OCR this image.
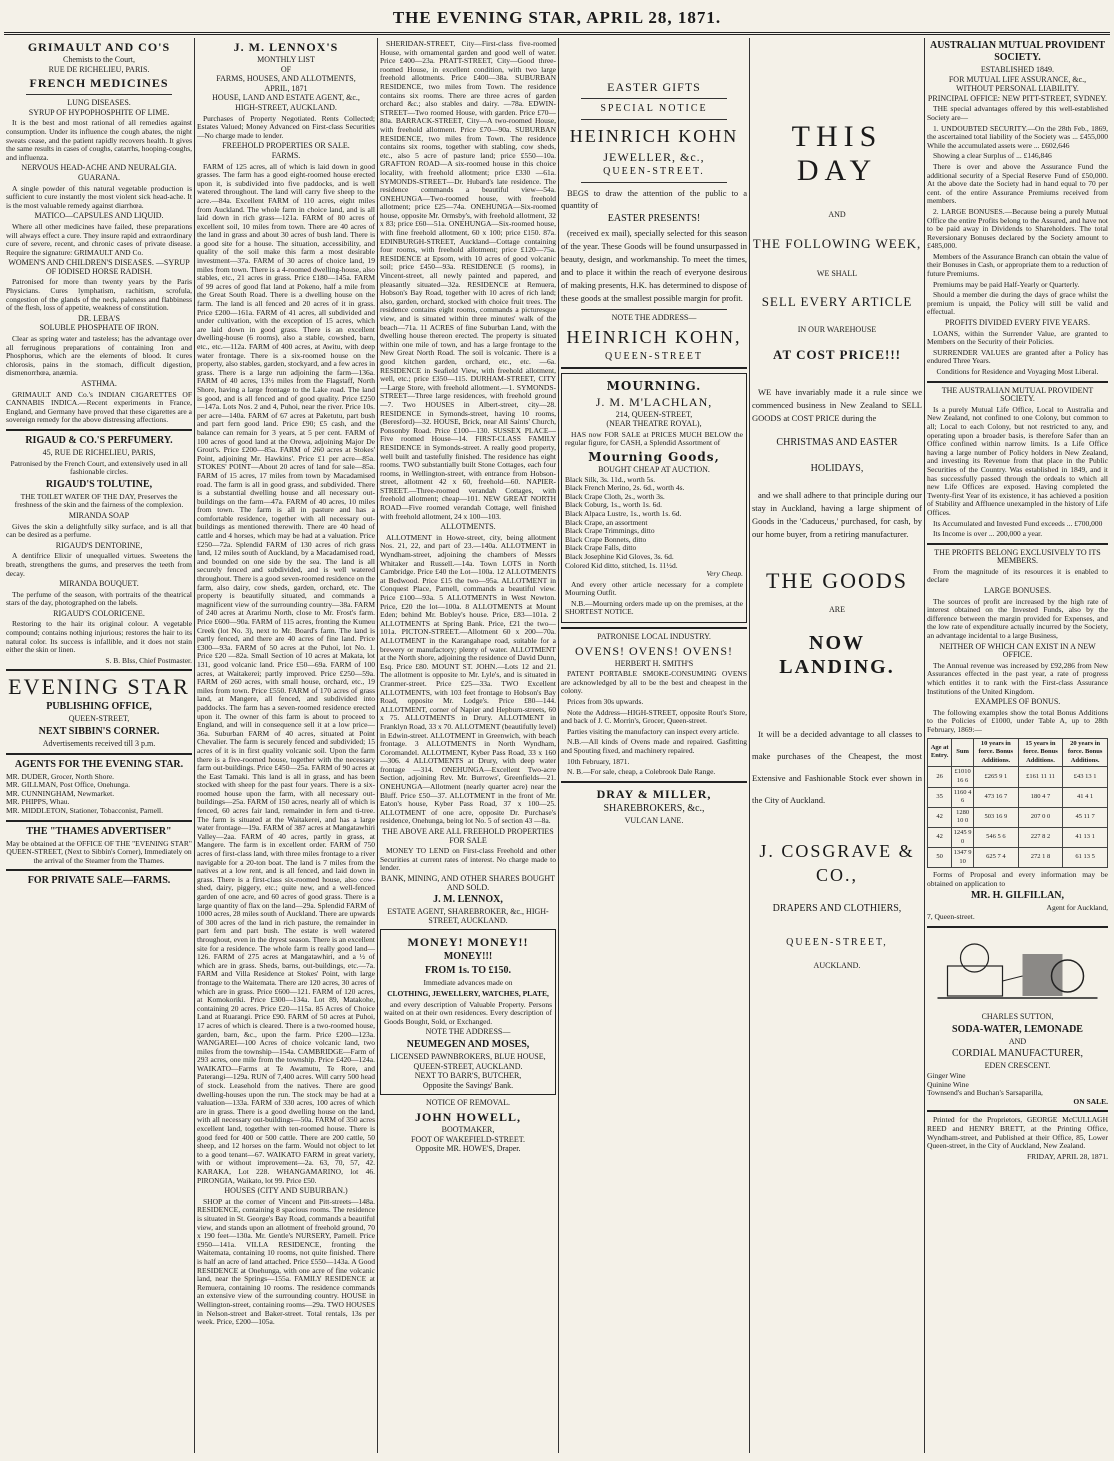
THE EVENING STAR, APRIL 28, 1871.
GRIMAULT AND CO'S
Chemists to the Court,
RUE DE RICHELIEU, PARIS.
FRENCH MEDICINES
LUNG DISEASES.
SYRUP OF HYPOPHOSPHITE OF LIME.

It is the best and most rational of all remedies against consumption. Under its influence the cough abates, the night sweats cease, and the patient rapidly recovers health. It gives the same results in cases of coughs, catarrhs, hooping-coughs, and influenza.

NERVOUS HEAD-ACHE AND NEURALGIA.
GUARANA.

A single powder of this natural vegetable production is sufficient to cure instantly the most violent sick head-ache. It is the most valuable remedy against diarrhœa.

MATICO—CAPSULES AND LIQUID.

Where all other medicines have failed, these preparations will always effect a cure. They insure rapid and extraordinary cure of severe, recent, and chronic cases of private disease. Require the signature: GRIMAULT AND Co.

WOMEN'S AND CHILDREN'S DISEASES. —SYRUP OF IODISED HORSE RADISH.

Patronised for more than twenty years by the Paris Physicians. Cures lymphatism, rachitism, scrofula, congestion of the glands of the neck, paleness and flabbiness of the flesh, loss of appetite, weakness of constitution.

DR. LEBA'S
SOLUBLE PHOSPHATE OF IRON.

Clear as spring water and tasteless; has the advantage over all ferruginous preparations of containing Iron and Phosphorus, which are the elements of blood. It cures chlorosis, pains in the stomach, difficult digestion, dismenorrhœa, anæmia.

ASTHMA.

GRIMAULT AND Co.'s INDIAN CIGARETTES OF CANNABIS INDICA.—Recent experiments in France, England, and Germany have proved that these cigarettes are a sovereign remedy for the above distressing affections.

RIGAUD & CO.'S PERFUMERY.
45, RUE DE RICHELIEU, PARIS,

Patronised by the French Court, and extensively used in all fashionable circles.

RIGAUD'S TOLUTINE,

THE TOILET WATER OF THE DAY, Preserves the freshness of the skin and the fairness of the complexion.

MIRANDA SOAP

Gives the skin a delightfully silky surface, and is all that can be desired as a perfume.

RIGAUD'S DENTORINE,

A dentifrice Elixir of unequalled virtues. Sweetens the breath, strengthens the gums, and preserves the teeth from decay.

MIRANDA BOUQUET.

The perfume of the season, with portraits of the theatrical stars of the day, photographed on the labels.

RIGAUD'S COLORICENE.

Restoring to the hair its original colour. A vegetable compound; contains nothing injurious; restores the hair to its natural color. Its success is infallible, and it does not stain either the skin or linen.

S. B. BIss, Chief Postmaster.
EVENING STAR
PUBLISHING OFFICE,
QUEEN-STREET,
NEXT SIBBIN'S CORNER.
Advertisements received till 3 p.m.
AGENTS FOR THE EVENING STAR.
MR. DUDER, Grocer, North Shore.
MR. GILLMAN, Post Office, Onehunga.
MR. CUNNINGHAM, Newmarket.
MR. PHIPPS, Whau.
MR. MIDDLETON, Stationer, Tobacconist, Parnell.
THE "THAMES ADVERTISER"

May be obtained at the OFFICE OF THE "EVENING STAR" QUEEN-STREET, (Next to Sibbin's Corner), Immediately on the arrival of the Steamer from the Thames.

FOR PRIVATE SALE—FARMS.
J. M. LENNOX'S
MONTHLY LIST
OF
FARMS, HOUSES, AND ALLOTMENTS,
APRIL, 1871
HOUSE, LAND AND ESTATE AGENT, &c.,
HIGH-STREET, AUCKLAND.

Purchases of Property Negotiated. Rents Collected; Estates Valued; Money Advanced on First-class Securities—No charge made to lender.

FREEHOLD PROPERTIES OR SALE.
FARMS.

FARM of 125 acres, all of which is laid down in good grasses. The farm has a good eight-roomed house erected upon it, is subdivided into five paddocks, and is well watered throughout. The land will carry five sheep to the acre.—84a. Excellent FARM of 110 acres, eight miles from Auckland. The whole farm in choice land, and is all laid down in rich grass—121a. FARM of 80 acres of excellent soil, 10 miles from town. There are 40 acres of the land in grass and about 30 acres of bush land. There is a good site for a house. The situation, accessibility, and quality of the soil make this farm a most desirable investment—37a. FARM of 30 acres of choice land, 19 miles from town. There is a 4-roomed dwelling-house, also stables, etc., 21 acres in grass. Price £180—145a. FARM of 99 acres of good flat land at Pokeno, half a mile from the Great South Road. There is a dwelling house on the farm. The land is all fenced and 20 acres of it in grass. Price £200—161a. FARM of 41 acres, all subdivided and under cultivation, with the exception of 15 acres, which are laid down in good grass. There is an excellent dwelling-house (6 rooms), also a stable, cowshed, barn, etc., etc.—112a. FARM of 400 acres, at Awitu, with deep water frontage. There is a six-roomed house on the property, also stables, garden, stockyard, and a few acres in grass. There is a large run adjoining the farm—136a. FARM of 40 acres, 13½ miles from the Flagstaff, North Shore, having a large frontage to the Lake road. The land is good, and is all fenced and of good quality. Price £250—147a. Lots Nos. 2 and 4, Puhoi, near the river. Price 10s. per acre—140a. FARM of 67 acres at Paketutu, part bush and part fern good land. Price £90; £5 cash, and the balance can remain for 3 years, at 5 per cent. FARM of 100 acres of good land at the Orewa, adjoining Major De Grout's. Price £200—85a. FARM of 260 acres at Stokes' Point, adjoining Mr. Hawkins'. Price £1 per acre—85a. STOKES' POINT—About 20 acres of land for sale—85a. FARM of 15 acres, 17 miles from town by Macadamised road. The farm is all in good grass, and subdivided. There is a substantial dwelling house and all necessary out-buildings on the farm—47a. FARM of 40 acres, 10 miles from town. The farm is all in pasture and has a comfortable residence, together with all necessary out-buildings as mentioned therewith. There are 40 head of cattle and 4 horses, which may be had at a valuation. Price £250—72a. Splendid FARM of 130 acres of rich grass land, 12 miles south of Auckland, by a Macadamised road, and bounded on one side by the sea. The land is all securely fenced and subdivided, and is well watered throughout. There is a good seven-roomed residence on the farm, also dairy, cow sheds, garden, orchard, etc. The property is beautifully situated, and commands a magnificent view of the surrounding country—38a. FARM of 240 acres at Ararimu North, close to Mr. Frost's farm. Price £600—90a. FARM of 115 acres, fronting the Kumeu Creek (lot No. 3), next to Mr. Board's farm. The land is partly fenced, and there are 40 acres of fine land. Price £300—93a. FARM of 50 acres at the Puhoi, lot No. 1. Price £20 —82a. Small Section of 10 acres at Makata, lot 131, good volcanic land. Price £50—69a. FARM of 100 acres, at Waitakerei; partly improved. Price £250—59a. FARM of 260 acres, with small house, orchard, etc., 19 miles from town. Price £550. FARM of 170 acres of grass land, at Mangere, all fenced, and subdivided into paddocks. The farm has a seven-roomed residence erected upon it. The owner of this farm is about to proceed to England, and will in consequence sell it at a low price—36a. Suburban FARM of 40 acres, situated at Point Chevalier. The farm is securely fenced and subdivided; 15 acres of it is in first quality volcanic soil. Upon the farm there is a five-roomed house, together with the necessary farm out-buildings. Price £450—25a. FARM of 90 acres at the East Tamaki. This land is all in grass, and has been stocked with sheep for the past four years. There is a six-roomed house upon the farm, with all necessary out-buildings—25a. FARM of 150 acres, nearly all of which is fenced, 60 acres fair land, remainder in fern and ti-tree. The farm is situated at the Waitakerei, and has a large water frontage—19a. FARM of 387 acres at Mangatawhiri Valley—2aa. FARM of 40 acres, partly in grass, at Mangere. The farm is in excellent order. FARM of 750 acres of first-class land, with three miles frontage to a river navigable for a 20-ton boat. The land is 7 miles from the natives at a low rent, and is all fenced, and laid down in grass. There is a first-class six-roomed house, also cow-shed, dairy, piggery, etc.; quite new, and a well-fenced garden of one acre, and 60 acres of good grass. There is a large quantity of flax on the land—29a. Splendid FARM of 1000 acres, 28 miles south of Auckland. There are upwards of 300 acres of the land in rich pasture, the remainder in part fern and part bush. The estate is well watered throughout, even in the dryest season. There is an excellent site for a residence. The whole farm is really good land—126. FARM of 275 acres at Mangatawhiri, and a ½ of which are in grass. Sheds, barns, out-buildings, etc.—7a. FARM and Villa Residence at Stokes' Point, with large frontage to the Waitemata. There are 120 acres, 30 acres of which are in grass. Price £600—121. FARM of 120 acres, at Komokoriki. Price £300—134a. Lot 89, Matakohe, containing 20 acres. Price £20—115a. 85 Acres of Choice Land at Ruarangi. Price £90. FARM of 50 acres at Puhoi, 17 acres of which is cleared. There is a two-roomed house, garden, barn, &c., upon the farm. Price £200—123a. WANGAREI—100 Acres of choice volcanic land, two miles from the township—154a. CAMBRIDGE—Farm of 293 acres, one mile from the township. Price £420—124a. WAIKATO—Farms at Te Awamutu, Te Rore, and Paterangi—129a. RUN of 7,400 acres. Will carry 500 head of stock. Leasehold from the natives. There are good dwelling-houses upon the run. The stock may be had at a valuation—133a. FARM of 330 acres, 100 acres of which are in grass. There is a good dwelling house on the land, with all necessary out-buildings—50a. FARM of 350 acres excellent land, together with ten-roomed house. There is good feed for 400 or 500 cattle. There are 200 cattle, 50 sheep, and 12 horses on the farm. Would not object to let to a good tenant—67. WAIKATO FARM in great variety, with or without improvement—2a. 63, 70, 57, 42. KARAKA, Lot 228. WHANGAMARINO, lot 46. PIRONGIA, Waikato, lot 99. Price £50.

HOUSES (CITY AND SUBURBAN.)

SHOP at the corner of Vincent and Pitt-streets—148a. RESIDENCE, containing 8 spacious rooms. The residence is situated in St. George's Bay Road, commands a beautiful view, and stands upon an allotment of freehold ground, 70 x 190 feet—130a. Mr. Gentle's NURSERY, Parnell. Price £950—141a. VILLA RESIDENCE, fronting the Waitemata, containing 10 rooms, not quite finished. There is half an acre of land attached. Price £550—143a. A Good RESIDENCE at Onehunga, with one acre of fine volcanic land, near the Springs—155a. FAMILY RESIDENCE at Remuera, containing 10 rooms. The residence commands an extensive view of the surrounding country. HOUSE in Wellington-street, containing rooms—29a. TWO HOUSES in Nelson-street and Baker-street. Total rentals, 13s per week. Price, £200—105a.

SHERIDAN-STREET, City—First-class five-roomed House, with ornamental garden and good well of water. Price £400—23a. PRATT-STREET, City—Good three-roomed House, in excellent condition, with two large freehold allotments. Price £400—38a. SUBURBAN RESIDENCE, two miles from Town. The residence contains six rooms. There are three acres of garden orchard &c.; also stables and dairy. —78a. EDWIN-STREET—Two roomed House, with garden. Price £70—80a. BARRACK-STREET, City—A two-roomed House, with freehold allotment. Price £70—90a. SUBURBAN RESIDENCE, two miles from Town. The residence contains six rooms, together with stabling, cow sheds, etc., also 5 acre of pasture land; price £550—10a. GRAFTON ROAD—A six-roomed house in this choice locality, with freehold allotment; price £330 —61a. SYMONDS-STREET—Dr. Hubard's late residence. The residence commands a beautiful view—54a. ONEHUNGA—Two-roomed house, with freehold allotment; price £25—74a. ONEHUNGA—Six-roomed house, opposite Mr. Ormsby's, with freehold allotment, 32 x 83; price £60—51a. ONEHUNGA—Six-roomed house, with fine freehold allotment, 60 x 100; price £150. 87a. EDINBURGH-STREET, Auckland—Cottage containing four rooms, with freehold allotment; price £120—75a. RESIDENCE at Epsom, with 10 acres of good volcanic soil; price £450—93a. RESIDENCE (5 rooms), in Vincent-street, all newly painted and papered, and pleasantly situated—32a. RESIDENCE at Remuera, Hobson's Bay Road, together with 10 acres of rich land; also, garden, orchard, stocked with choice fruit trees. The residence contains eight rooms, commands a picturesque view, and is situated within three minutes' walk of the beach—71a. 11 ACRES of fine Suburban Land, with the dwelling house thereon erected. The property is situated within one mile of town, and has a large frontage to the New Great North Road. The soil is volcanic. There is a good kitchen garden, orchard, etc., etc. —6a. RESIDENCE in Seafield View, with freehold allotment, well, etc.; price £350—115. DURHAM-STREET, CITY—Large Store, with freehold allotment.—1. SYMONDS-STREET—Three large residences, with freehold ground—7. Two HOUSES in Albert-street, city—28. RESIDENCE in Symonds-street, having 10 rooms, (Beresford)—32. HOUSE, Brick, near All Saints' Church, Ponsonby Road. Price £100—130. SUSSEX PLACE—Five roomed House—14. FIRST-CLASS FAMILY RESIDENCE in Symonds-street. A really good property, well built and tastefully finished. The residence has eight rooms. TWO substantially built Stone Cottages, each four rooms, in Wellington-street, with entrance from Hobson-street, allotment 42 x 60, freehold—60. NAPIER-STREET.—Three-roomed verandah Cottages, with freehold allotment; cheap—101. NEW GREAT NORTH ROAD—Five roomed verandah Cottage, well finished with freehold allotment, 24 x 100—103.

ALLOTMENTS.

ALLOTMENT in Howe-street, city, being allotment Nos. 21, 22, and part of 23.—140a. ALLOTMENT in Wyndham-street, adjoining the chambers of Messrs Whitaker and Russell.—14a. Town LOTS in North Cambridge. Price £40 the Lot—100a. 12 ALLOTMENTS at Bedwood. Price £15 the two—95a. ALLOTMENT in Conquest Place, Parnell, commands a beautiful view. Price £100—93a. 5 ALLOTMENTS in West Newton. Price, £20 the lot—100a. 8 ALLOTMENTS at Mount Eden; behind Mr. Bobley's house. Price, £83—101a. 2 ALLOTMENTS at Spring Bank. Price, £21 the two—101a. PICTON-STREET.—Allotment 60 x 200—70a. ALLOTMENT in the Karangahape road, suitable for a brewery or manufactory; plenty of water. ALLOTMENT at the North shore, adjoining the residence of David Dunn, Esq. Price £80. MOUNT ST. JOHN.—Lots 12 and 21. The allotment is opposite to Mr. Lyle's, and is situated in Cranmer-street. Price £25—33a. TWO Excellent ALLOTMENTS, with 103 feet frontage to Hobson's Bay Road, opposite Mr. Lodge's. Price £80—144. ALLOTMENT, corner of Napier and Hepburn-streets, 60 x 75. ALLOTMENTS in Drury. ALLOTMENT in Franklyn Road, 33 x 70. ALLOTMENT (beautifully level) in Edwin-street. ALLOTMENT in Greenwich, with beach frontage. 3 ALLOTMENTS in North Wyndham, Coromandel. ALLOTMENT, Kyber Pass Road, 33 x 160—306. 4 ALLOTMENTS at Drury, with deep water frontage —314. ONEHUNGA—Excellent Two-acre Section, adjoining Rev. Mr. Burrows', Greenfields—21. ONEHUNGA—Allotment (nearly quarter acre) near the Bluff. Price £50—37. ALLOTMENT in the front of Mr. Eaton's house, Kyber Pass Road, 37 x 100—25. ALLOTMENT of one acre, opposite Dr. Purchase's residence, Onehunga, being lot No. 5 of section 43 —8a.

THE ABOVE ARE ALL FREEHOLD PROPERTIES FOR SALE

MONEY TO LEND on First-class Freehold and other Securities at current rates of interest. No charge made to lender.

BANK, MINING, AND OTHER SHARES BOUGHT AND SOLD.
J. M. LENNOX,
ESTATE AGENT, SHAREBROKER, &c., HIGH-STREET, AUCKLAND.
MONEY! MONEY!!
MONEY!!!
FROM 1s. TO £150.
Immediate advances made on
CLOTHING, JEWELLERY, WATCHES, PLATE,

and every description of Valuable Property. Persons waited on at their own residences. Every description of Goods Bought, Sold, or Exchanged.

NOTE THE ADDRESS—
NEUMEGEN AND MOSES,
LICENSED PAWNBROKERS, BLUE HOUSE,
QUEEN-STREET, AUCKLAND.
NEXT TO BARR'S, BUTCHER,
Opposite the Savings' Bank.
NOTICE OF REMOVAL.
JOHN HOWELL,
BOOTMAKER,
FOOT OF WAKEFIELD-STREET.
Opposite MR. HOWE'S, Draper.
EASTER GIFTS
SPECIAL NOTICE
HEINRICH KOHN
JEWELLER, &c.,
QUEEN-STREET.

BEGS to draw the attention of the public to a quantity of

EASTER PRESENTS!

(received ex mail), specially selected for this season of the year. These Goods will be found unsurpassed in beauty, design, and workmanship. To meet the times, and to place it within the reach of everyone desirous of making presents, H.K. has determined to dispose of these goods at the smallest possible margin for profit.

NOTE THE ADDRESS—
HEINRICH KOHN,
QUEEN-STREET
MOURNING.
J. M. M'LACHLAN,
214, QUEEN-STREET,
(NEAR THEATRE ROYAL),

HAS now FOR SALE at PRICES MUCH BELOW the regular figure, for CASH, a Splendid Assortment of

Mourning Goods,
BOUGHT CHEAP AT AUCTION.
Black Silk, 3s. 11d., worth 5s.
Black French Merino, 2s. 6d., worth 4s.
Black Crape Cloth, 2s., worth 3s.
Black Coburg, 1s., worth 1s. 6d.
Black Alpaca Lustre, 1s., worth 1s. 6d.
Black Crape, an assortment
Black Crape Trimmings, ditto
Black Crape Bonnets, ditto
Black Crape Falls, ditto
Black Josephine Kid Gloves, 3s. 6d.
Colored Kid ditto, stitched, 1s. 11½d.
Very Cheap.

And every other article necessary for a complete Mourning Outfit.

N.B.—Mourning orders made up on the premises, at the SHORTEST NOTICE.

PATRONISE LOCAL INDUSTRY.
OVENS! OVENS! OVENS!
HERBERT H. SMITH'S

PATENT PORTABLE SMOKE-CONSUMING OVENS are acknowledged by all to be the best and cheapest in the colony.

Prices from 30s upwards.

Note the Address—HIGH-STREET, opposite Rout's Store, and back of J. C. Morrin's, Grocer, Queen-street.

Parties visiting the manufactory can inspect every article.

N.B.—All kinds of Ovens made and repaired. Gasfitting and Spouting fixed, and machinery repaired.

10th February, 1871.

N. B.—For sale, cheap, a Colebrook Dale Range.

DRAY & MILLER,
SHAREBROKERS, &c.,
VULCAN LANE.
THIS DAY
AND
THE FOLLOWING WEEK,
WE SHALL
SELL EVERY ARTICLE
IN OUR WAREHOUSE
AT COST PRICE!!!

WE have invariably made it a rule since we commenced business in New Zealand to SELL GOODS at COST PRICE during the

CHRISTMAS AND EASTER
HOLIDAYS,

and we shall adhere to that principle during our stay in Auckland, having a large shipment of Goods in the 'Caduceus,' purchased, for cash, by our home buyer, from a retiring manufacturer.

THE GOODS
ARE
NOW LANDING.

It will be a decided advantage to all classes to make purchases of the Cheapest, the most Extensive and Fashionable Stock ever shown in the City of Auckland.

J. COSGRAVE & CO.,
DRAPERS AND CLOTHIERS,
QUEEN-STREET,
AUCKLAND.
AUSTRALIAN MUTUAL PROVIDENT SOCIETY.
ESTABLISHED 1849.
FOR MUTUAL LIFE ASSURANCE, &c.,
WITHOUT PERSONAL LIABILITY.
PRINCIPAL OFFICE: NEW PITT-STREET, SYDNEY.

THE special advantages offered by this well-established Society are—

1. UNDOUBTED SECURITY.—On the 28th Feb., 1869, the ascertained total liability of the Society was ... £455,000 While the accumulated assets were ... £602,646

Showing a clear Surplus of ... £146,846

There is over and above the Assurance Fund the additional security of a Special Reserve Fund of £50,000. At the above date the Society had in hand equal to 70 per cent. of the entire Assurance Premiums received from members.

2. LARGE BONUSES.—Because being a purely Mutual Office the entire Profits belong to the Assured, and have not to be paid away in Dividends to Shareholders. The total Reversionary Bonuses declared by the Society amount to £485,000.

Members of the Assurance Branch can obtain the value of their Bonuses in Cash, or appropriate them to a reduction of future Premiums.

Premiums may be paid Half-Yearly or Quarterly.

Should a member die during the days of grace whilst the premium is unpaid, the Policy will still be valid and effectual.

PROFITS DIVIDED EVERY FIVE YEARS.

LOANS, within the Surrender Value, are granted to Members on the Security of their Policies.

SURRENDER VALUES are granted after a Policy has endured Three Years.

Conditions for Residence and Voyaging Most Liberal.

THE AUSTRALIAN MUTUAL PROVIDENT SOCIETY.

Is a purely Mutual Life Office, Local to Australia and New Zealand, not confined to one Colony, but common to all; Local to each Colony, but not restricted to any, and operating upon a broader basis, is therefore Safer than an Office confined within narrow limits. Is a Life Office having a large number of Policy holders in New Zealand, and investing its Revenue from that place in the Public Securities of the Country. Was established in 1849, and it has successfully passed through the ordeals to which all new Life Offices are exposed. Having completed the Twenty-first Year of its existence, it has achieved a position of Stability and Affluence unexampled in the history of Life Offices.

Its Accumulated and Invested Fund exceeds ... £700,000

Its Income is over ... 200,000 a year.

THE PROFITS BELONG EXCLUSIVELY TO ITS MEMBERS.

From the magnitude of its resources it is enabled to declare

LARGE BONUSES.

The sources of profit are increased by the high rate of interest obtained on the Invested Funds, also by the difference between the margin provided for Expenses, and the low rate of expenditure actually incurred by the Society, an advantage incidental to a large Business,

NEITHER OF WHICH CAN EXIST IN A NEW OFFICE.

The Annual revenue was increased by £92,286 from New Assurances effected in the past year, a rate of progress which entitles it to rank with the First-class Assurance Institutions of the United Kingdom.

EXAMPLES OF BONUS.

The following examples show the total Bonus Additions to the Policies of £1000, under Table A, up to 28th February, 1869:—

Age at Entry.	Sum	10 years in force. Bonus Additions.	15 years in force. Bonus Additions.	20 years in force. Bonus Additions.
26	£1010 16 6	£265 9 1	£161 11 11	£43 13 1
35	1160 4 6	473 16 7	180 4 7	41 4 1
42	1280 10 0	503 16 9	207 0 0	45 11 7
42	1245 9 0	546 5 6	227 8 2	41 13 1
50	1347 9 10	625 7 4	272 1 8	61 13 5

Forms of Proposal and every information may be obtained on application to

MR. H. GILFILLAN,
Agent for Auckland,
7, Queen-street.
CHARLES SUTTON,
SODA-WATER, LEMONADE
AND
CORDIAL MANUFACTURER,
EDEN CRESCENT.
Ginger Wine
Quinine Wine
Townsend's and Buchan's Sarsaparilla,
ON SALE.

Printed for the Proprietors, GEORGE McCULLAGH REED and HENRY BRETT, at the Printing Office, Wyndham-street, and Published at their Office, 85, Lower Queen-street, in the City of Auckland, New Zealand.

FRIDAY, APRIL 28, 1871.
